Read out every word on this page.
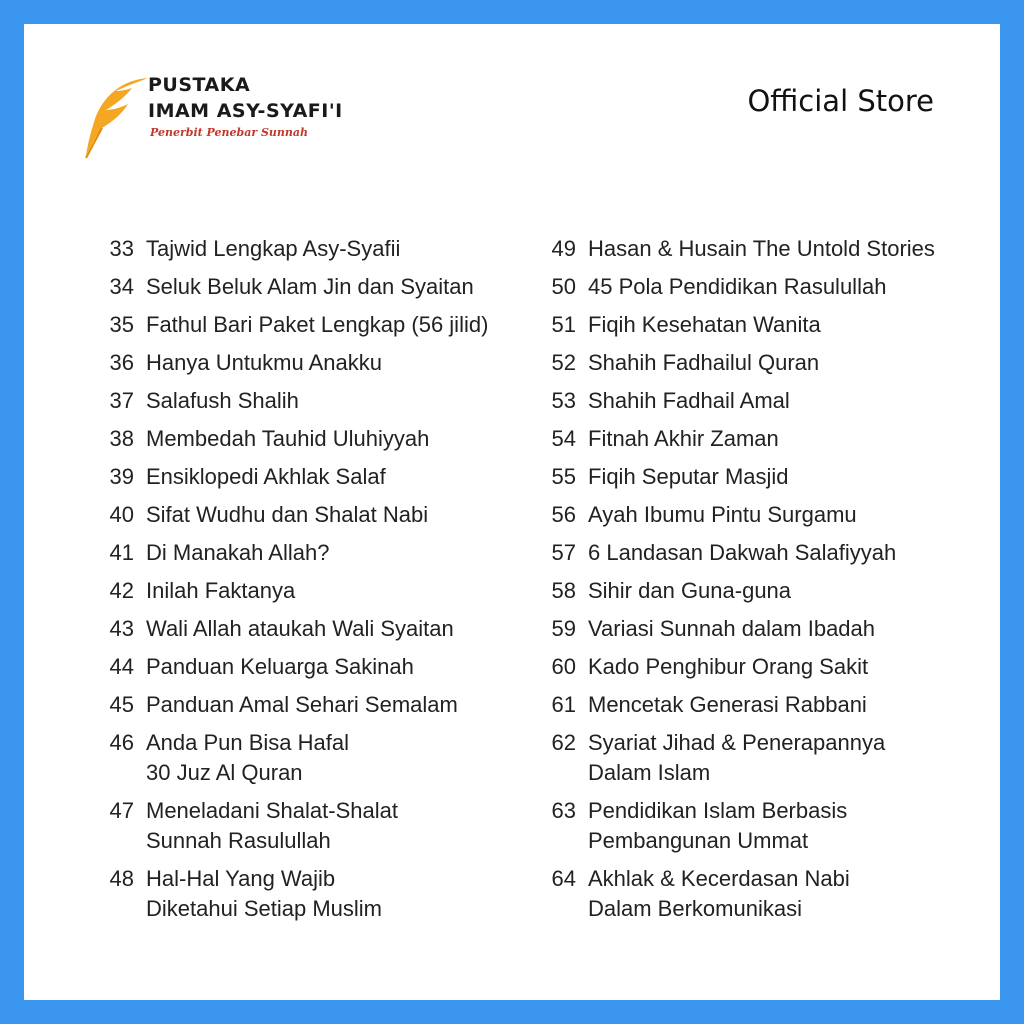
PUSTAKA
IMAM ASY-SYAFI'I
Penerbit Penebar Sunnah
Official Store
33 Tajwid Lengkap Asy-Syafii
34 Seluk Beluk Alam Jin dan Syaitan
35 Fathul Bari Paket Lengkap (56 jilid)
36 Hanya Untukmu Anakku
37 Salafush Shalih
38 Membedah Tauhid Uluhiyyah
39 Ensiklopedi Akhlak Salaf
40 Sifat Wudhu dan Shalat Nabi
41 Di Manakah Allah?
42 Inilah Faktanya
43 Wali Allah ataukah Wali Syaitan
44 Panduan Keluarga Sakinah
45 Panduan Amal Sehari Semalam
46 Anda Pun Bisa Hafal
30 Juz Al Quran
47 Meneladani Shalat-Shalat
Sunnah Rasulullah
48 Hal-Hal Yang Wajib
Diketahui Setiap Muslim
49 Hasan & Husain The Untold Stories
50 45 Pola Pendidikan Rasulullah
51 Fiqih Kesehatan Wanita
52 Shahih Fadhailul Quran
53 Shahih Fadhail Amal
54 Fitnah Akhir Zaman
55 Fiqih Seputar Masjid
56 Ayah Ibumu Pintu Surgamu
57 6 Landasan Dakwah Salafiyyah
58 Sihir dan Guna-guna
59 Variasi Sunnah dalam Ibadah
60 Kado Penghibur Orang Sakit
61 Mencetak Generasi Rabbani
62 Syariat Jihad & Penerapannya
Dalam Islam
63 Pendidikan Islam Berbasis
Pembangunan Ummat
64 Akhlak & Kecerdasan Nabi
Dalam Berkomunikasi
